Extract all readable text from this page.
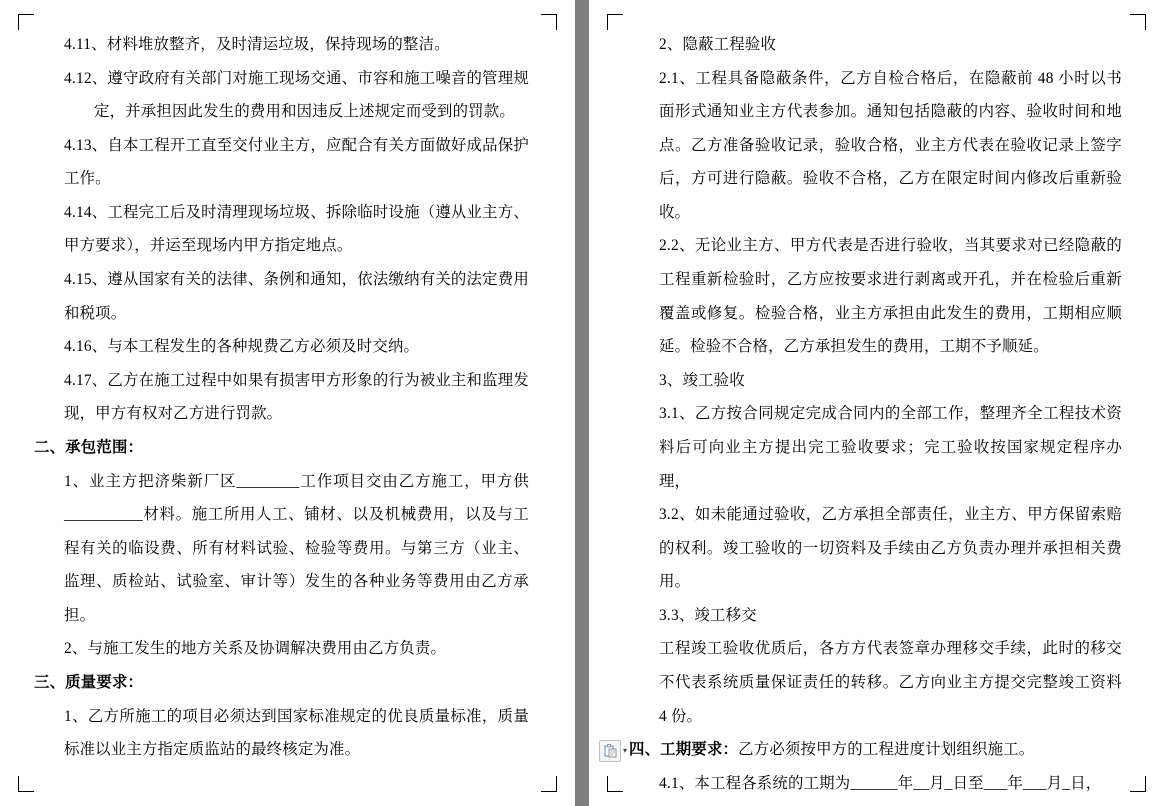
4.11、材料堆放整齐，及时清运垃圾，保持现场的整洁。

4.12、遵守政府有关部门对施工现场交通、市容和施工噪音的管理规定，并承担因此发生的费用和因违反上述规定而受到的罚款。

4.13、自本工程开工直至交付业主方，应配合有关方面做好成品保护工作。

4.14、工程完工后及时清理现场垃圾、拆除临时设施（遵从业主方、甲方要求），并运至现场内甲方指定地点。

4.15、遵从国家有关的法律、条例和通知，依法缴纳有关的法定费用和税项。

4.16、与本工程发生的各种规费乙方必须及时交纳。

4.17、乙方在施工过程中如果有损害甲方形象的行为被业主和监理发现，甲方有权对乙方进行罚款。

二、承包范围：

1、业主方把济柴新厂区________工作项目交由乙方施工，甲方供__________材料。施工所用人工、铺材、以及机械费用，以及与工程有关的临设费、所有材料试验、检验等费用。与第三方（业主、监理、质检站、试验室、审计等）发生的各种业务等费用由乙方承担。

2、与施工发生的地方关系及协调解决费用由乙方负责。

三、质量要求：

1、乙方所施工的项目必须达到国家标准规定的优良质量标准，质量标准以业主方指定质监站的最终核定为准。

2、隐蔽工程验收

2.1、工程具备隐蔽条件，乙方自检合格后，在隐蔽前 48 小时以书面形式通知业主方代表参加。通知包括隐蔽的内容、验收时间和地点。乙方准备验收记录，验收合格，业主方代表在验收记录上签字后，方可进行隐蔽。验收不合格，乙方在限定时间内修改后重新验收。

2.2、无论业主方、甲方代表是否进行验收，当其要求对已经隐蔽的工程重新检验时，乙方应按要求进行剥离或开孔，并在检验后重新覆盖或修复。检验合格，业主方承担由此发生的费用，工期相应顺延。检验不合格，乙方承担发生的费用，工期不予顺延。

3、竣工验收

3.1、乙方按合同规定完成合同内的全部工作，整理齐全工程技术资料后可向业主方提出完工验收要求；完工验收按国家规定程序办理，

3.2、如未能通过验收，乙方承担全部责任，业主方、甲方保留索赔的权利。竣工验收的一切资料及手续由乙方负责办理并承担相关费用。

3.3、竣工移交

工程竣工验收优质后，各方方代表签章办理移交手续，此时的移交不代表系统质量保证责任的转移。乙方向业主方提交完整竣工资料 4 份。

四、工期要求：乙方必须按甲方的工程进度计划组织施工。

4.1、本工程各系统的工期为______年__月_日至___年___月_日，

▾
